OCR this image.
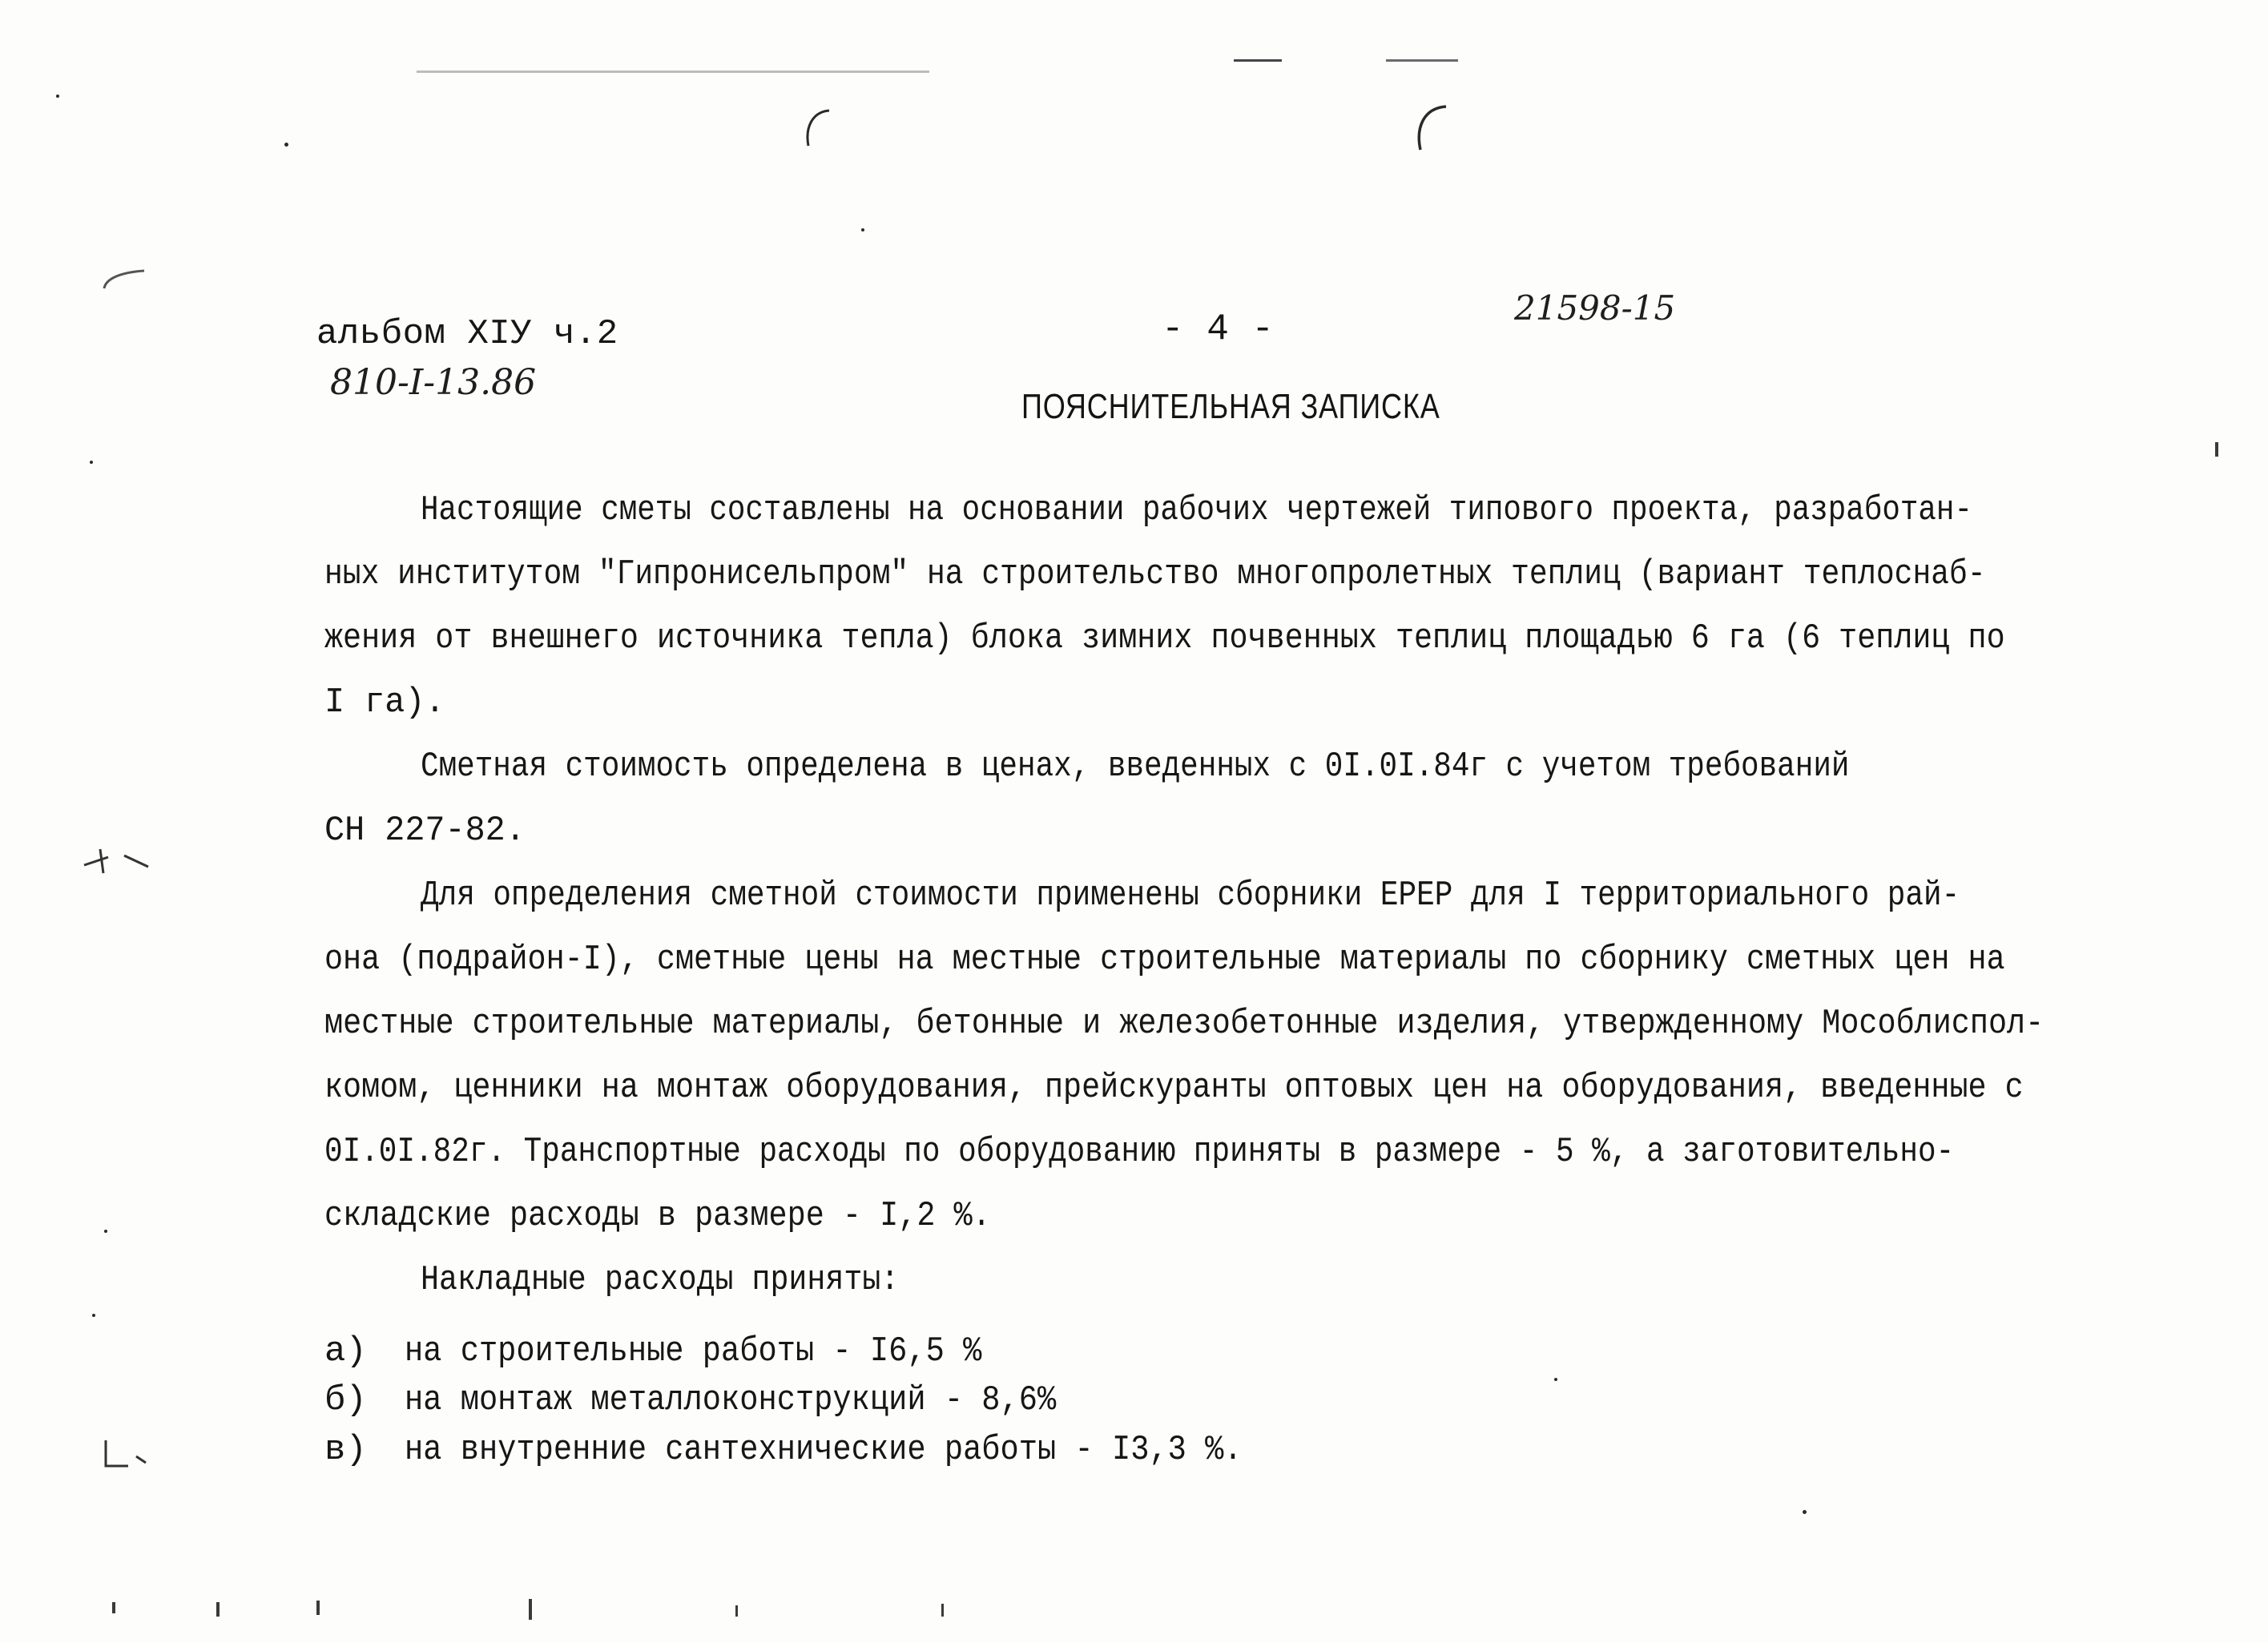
альбом XIУ ч.2
810-I-13.86
- 4 -
21598-15
ПОЯСНИТЕЛЬНАЯ ЗАПИСКА
Настоящие сметы составлены на основании рабочих чертежей типового проекта, разработан-
ных институтом "Гипронисельпром" на строительство многопролетных теплиц (вариант теплоснаб-
жения от внешнего источника тепла) блока зимних почвенных теплиц площадью 6 га (6 теплиц по
I га).
Сметная стоимость определена в ценах, введенных с 0I.0I.84г с учетом требований
СН 227-82.
Для определения сметной стоимости применены сборники ЕРЕР для I территориального рай-
она (подрайон-I), сметные цены на местные строительные материалы по сборнику сметных цен на
местные строительные материалы, бетонные и железобетонные изделия, утвержденному Мособлиспол-
комом, ценники на монтаж оборудования, прейскуранты оптовых цен на оборудования, введенные с
0I.0I.82г. Транспортные расходы по оборудованию приняты в размере - 5 %, а заготовительно-
складские расходы в размере - I,2 %.
Накладные расходы приняты:
а) на строительные работы - I6,5 %
б) на монтаж металлоконструкций - 8,6%
в) на внутренние сантехнические работы - I3,3 %.
